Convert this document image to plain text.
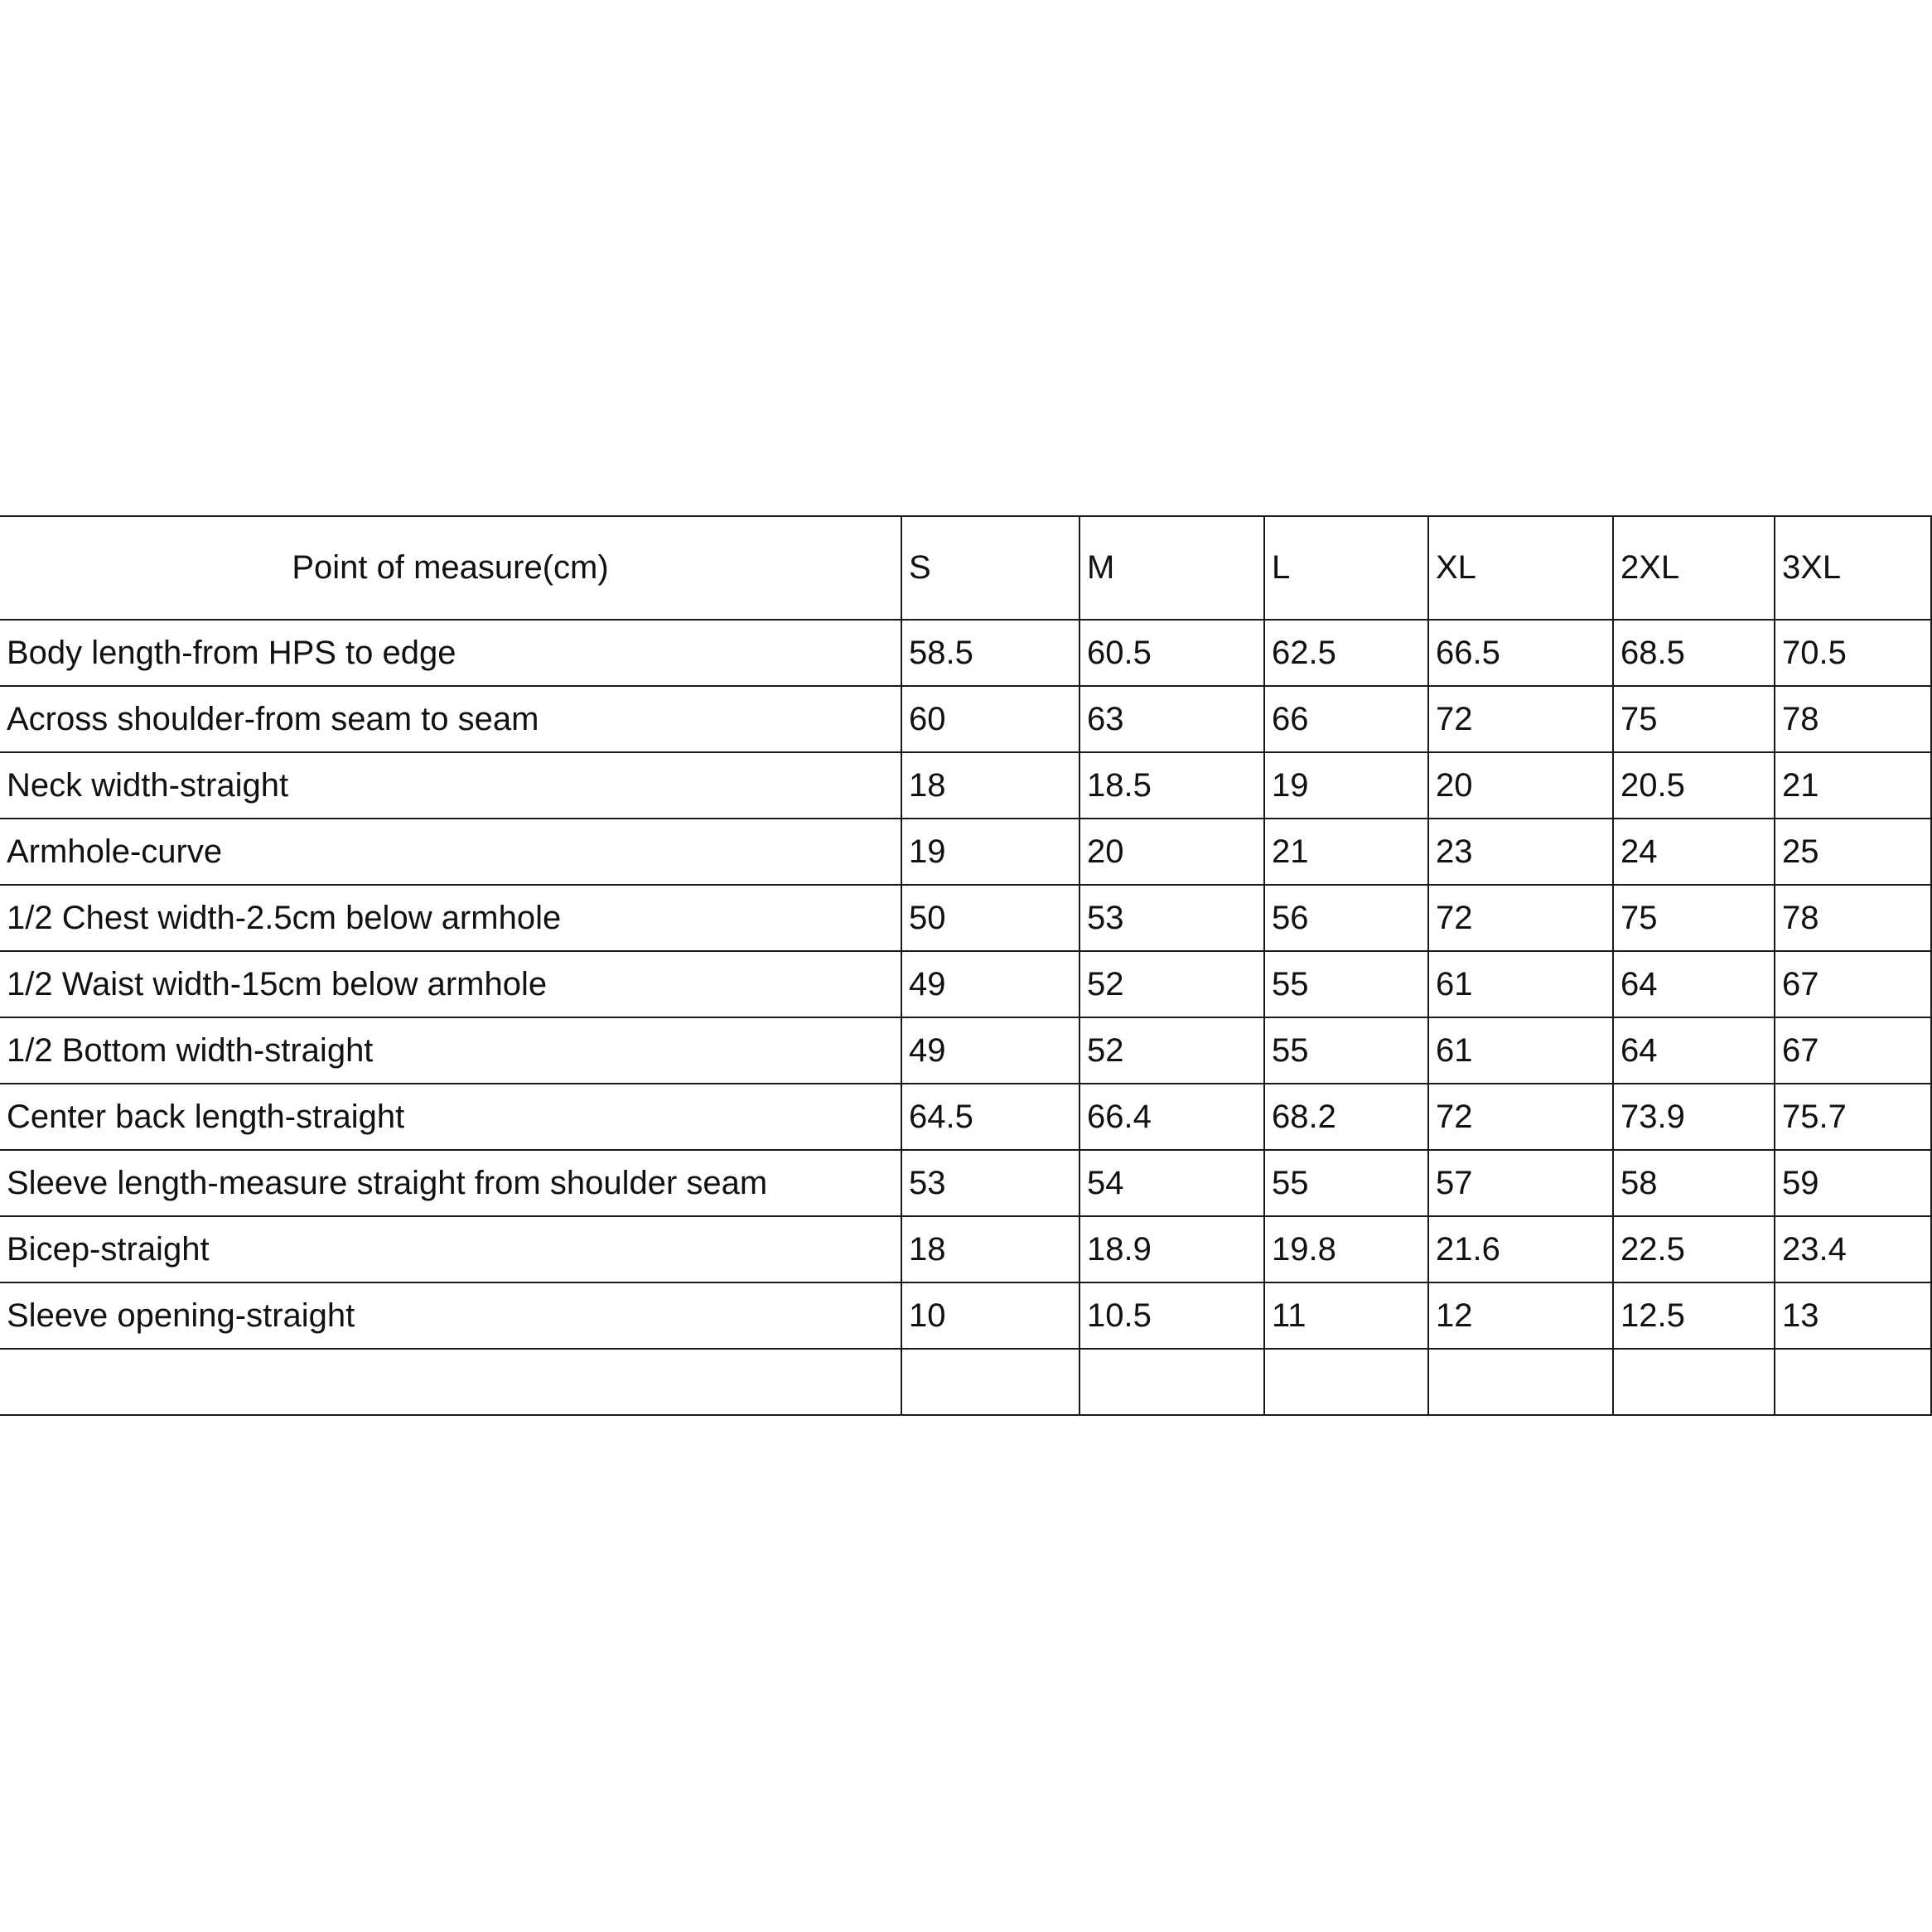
Point of measure(cm)	S	M	L	XL	2XL	3XL
Body length-from HPS to edge	58.5	60.5	62.5	66.5	68.5	70.5
Across shoulder-from seam to seam	60	63	66	72	75	78
Neck width-straight	18	18.5	19	20	20.5	21
Armhole-curve	19	20	21	23	24	25
1/2 Chest width-2.5cm below armhole	50	53	56	72	75	78
1/2 Waist width-15cm below armhole	49	52	55	61	64	67
1/2 Bottom width-straight	49	52	55	61	64	67
Center back length-straight	64.5	66.4	68.2	72	73.9	75.7
Sleeve length-measure straight from shoulder seam	53	54	55	57	58	59
Bicep-straight	18	18.9	19.8	21.6	22.5	23.4
Sleeve opening-straight	10	10.5	11	12	12.5	13
